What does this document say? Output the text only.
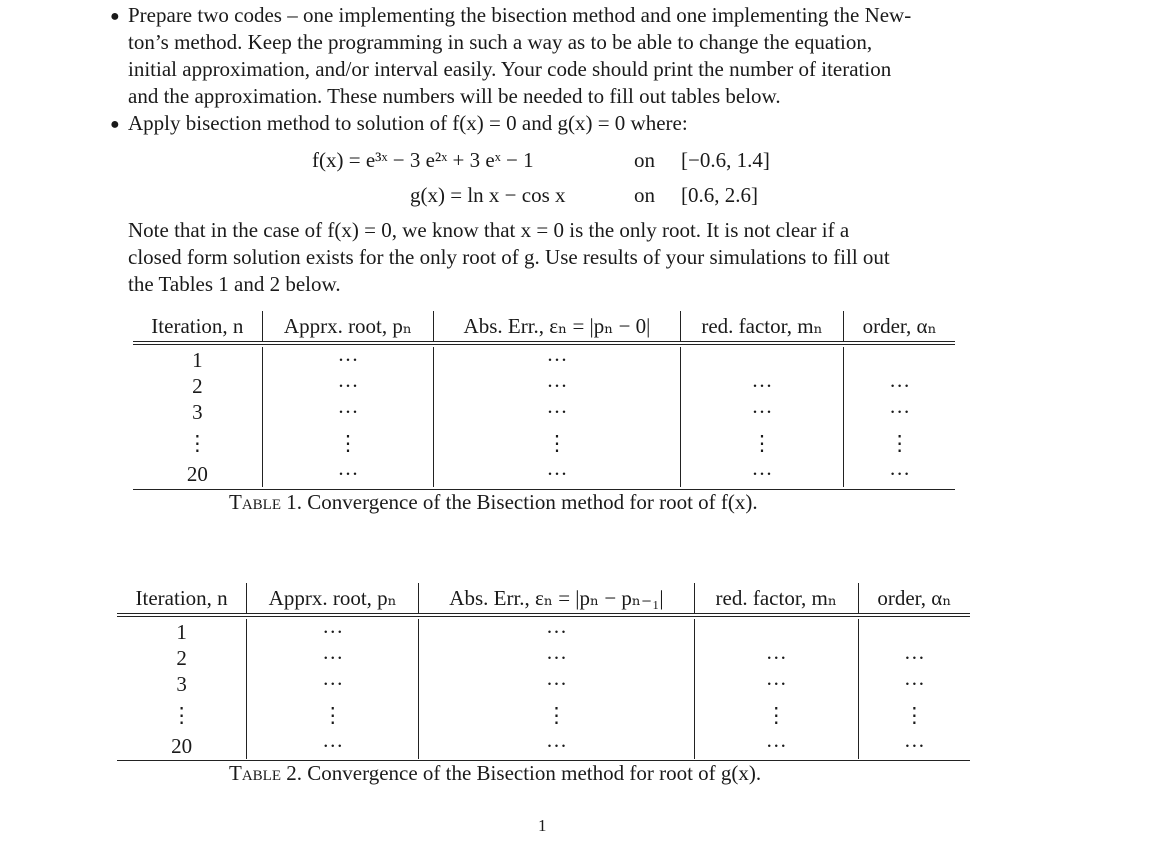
● Prepare two codes – one implementing the bisection method and one implementing the New-
ton’s method. Keep the programming in such a way as to be able to change the equation,
initial approximation, and/or interval easily. Your code should print the number of iteration
and the approximation. These numbers will be needed to fill out tables below.
● Apply bisection method to solution of f(x) = 0 and g(x) = 0 where:
f(x) = e³ˣ − 3 e²ˣ + 3 eˣ − 1	on [−0.6, 1.4]
g(x) = ln x − cos x	on [0.6, 2.6]
Note that in the case of f(x) = 0, we know that x = 0 is the only root. It is not clear if a
closed form solution exists for the only root of g. Use results of your simulations to fill out
the Tables 1 and 2 below.
Iteration, n	Apprx. root, pₙ	Abs. Err., εₙ = |pₙ − 0|	red. factor, mₙ	order, αₙ

1	···	···		
2	···	···	···	···
3	···	···	···	···
⋮	⋮	⋮	⋮	⋮
20	···	···	···	···
Table 1. Convergence of the Bisection method for root of f(x).
Iteration, n	Apprx. root, pₙ	Abs. Err., εₙ = |pₙ − pₙ₋₁|	red. factor, mₙ	order, αₙ

1	···	···		
2	···	···	···	···
3	···	···	···	···
⋮	⋮	⋮	⋮	⋮
20	···	···	···	···
Table 2. Convergence of the Bisection method for root of g(x).
1
